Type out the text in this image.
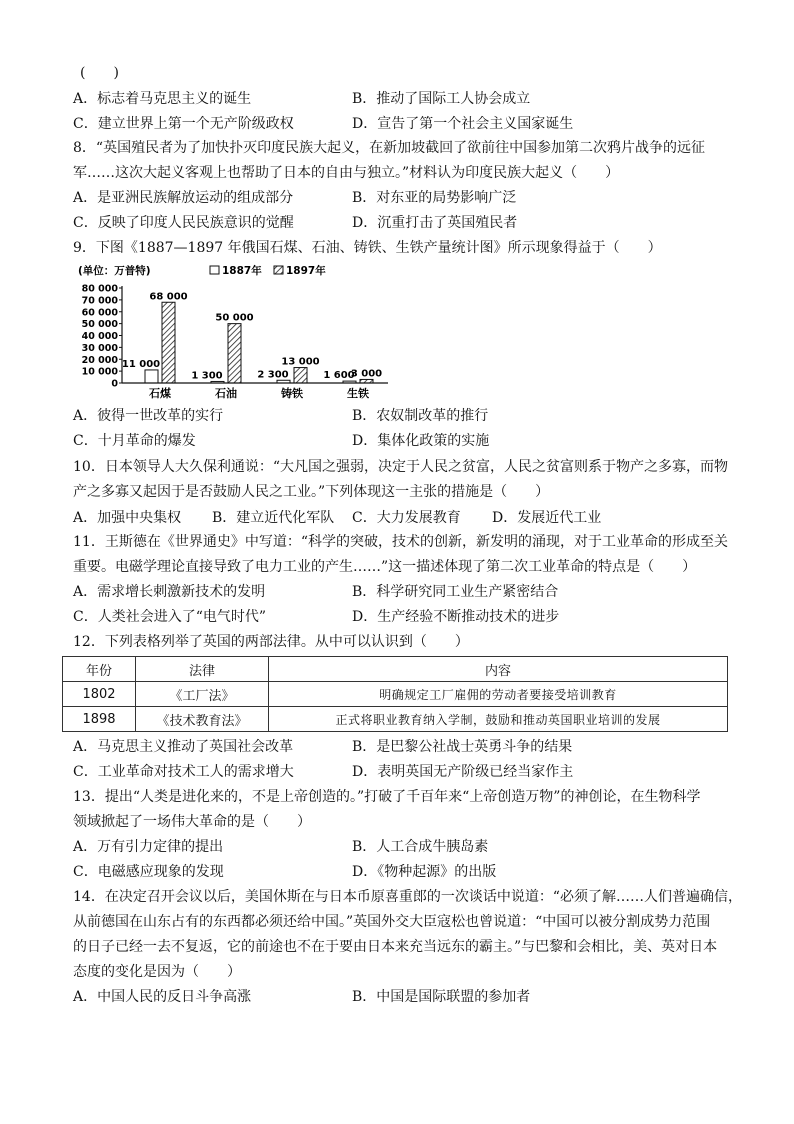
(　　)
A．标志着马克思主义的诞生	B．推动了国际工人协会成立
C．建立世界上第一个无产阶级政权	D．宣告了第一个社会主义国家诞生
8．“英国殖民者为了加快扑灭印度民族大起义，在新加坡截回了欲前往中国参加第二次鸦片战争的远征
军……这次大起义客观上也帮助了日本的自由与独立。”材料认为印度民族大起义（　　）
A．是亚洲民族解放运动的组成部分	B．对东亚的局势影响广泛
C．反映了印度人民民族意识的觉醒	D．沉重打击了英国殖民者
9．下图《1887—1897 年俄国石煤、石油、铸铁、生铁产量统计图》所示现象得益于（　　）
(单位：万普特)	1887年 1897年
80 000
70 000
60 000
50 000
40 000
30 000
20 000
10 000
0
11 000
68 000
1 300
50 000
2 300
13 000
1 600
3 000
石煤	石油	铸铁	生铁
A．彼得一世改革的实行	B．农奴制改革的推行
C．十月革命的爆发	D．集体化政策的实施
10．日本领导人大久保利通说：“大凡国之强弱，决定于人民之贫富，人民之贫富则系于物产之多寡，而物
产之多寡又起因于是否鼓励人民之工业。”下列体现这一主张的措施是（　　）
A．加强中央集权 B．建立近代化军队 C．大力发展教育 D．发展近代工业
11．王斯德在《世界通史》中写道：“科学的突破，技术的创新，新发明的涌现，对于工业革命的形成至关
重要。电磁学理论直接导致了电力工业的产生……”这一描述体现了第二次工业革命的特点是（　　）
A．需求增长刺激新技术的发明	B．科学研究同工业生产紧密结合
C．人类社会进入了“电气时代”	D．生产经验不断推动技术的进步
12．下列表格列举了英国的两部法律。从中可以认识到（　　）
年份	法律	内容
1802	《工厂法》	明确规定工厂雇佣的劳动者要接受培训教育
1898	《技术教育法》	正式将职业教育纳入学制，鼓励和推动英国职业培训的发展
A．马克思主义推动了英国社会改革	B．是巴黎公社战士英勇斗争的结果
C．工业革命对技术工人的需求增大	D．表明英国无产阶级已经当家作主
13．提出“人类是进化来的，不是上帝创造的。”打破了千百年来“上帝创造万物”的神创论，在生物科学
领域掀起了一场伟大革命的是（　　）
A．万有引力定律的提出	B．人工合成牛胰岛素
C．电磁感应现象的发现	D．《物种起源》的出版
14．在决定召开会议以后，美国休斯在与日本币原喜重郎的一次谈话中说道：“必须了解……人们普遍确信，
从前德国在山东占有的东西都必须还给中国。”英国外交大臣寇松也曾说道：“中国可以被分割成势力范围
的日子已经一去不复返，它的前途也不在于要由日本来充当远东的霸主。”与巴黎和会相比，美、英对日本
态度的变化是因为（　　）
A．中国人民的反日斗争高涨	B．中国是国际联盟的参加者
